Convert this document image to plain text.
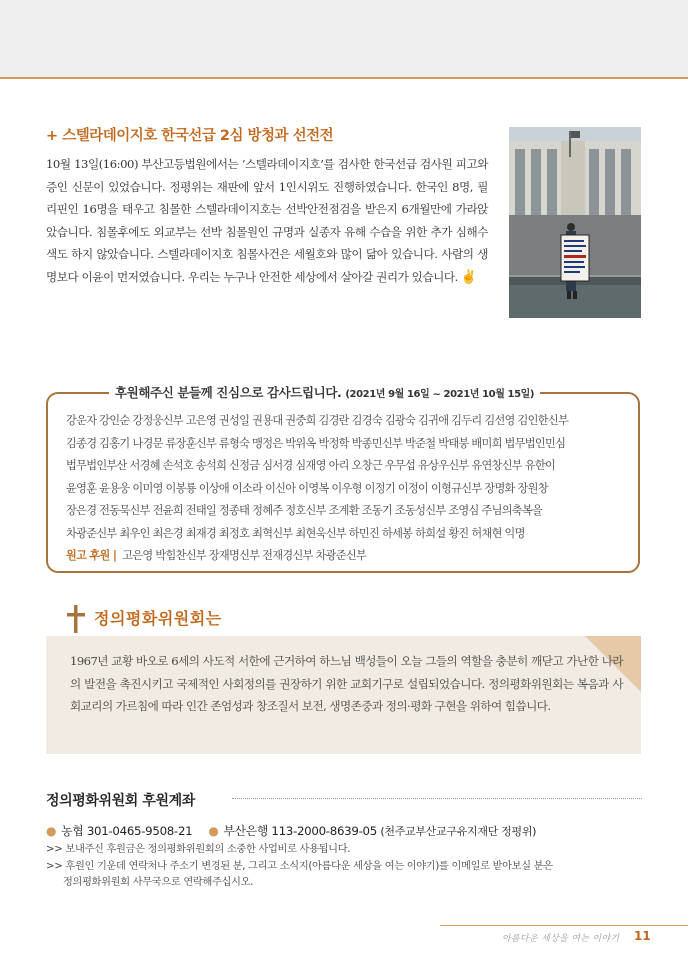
+ 스텔라데이지호 한국선급 2심 방청과 선전전

10월 13일(16:00) 부산고등법원에서는 ‘스텔라데이지호’를 검사한 한국선급 검사원 피고와 증인 신문이 있었습니다. 정평위는 재판에 앞서 1인시위도 진행하였습니다. 한국인 8명, 필리핀인 16명을 태우고 침몰한 스텔라데이지호는 선박안전점검을 받은지 6개월만에 가라앉았습니다. 침몰후에도 외교부는 선박 침몰원인 규명과 실종자 유해 수습을 위한 추가 심해수색도 하지 않았습니다. 스텔라데이지호 침몰사건은 세월호와 많이 닮아 있습니다. 사람의 생명보다 이윤이 먼저였습니다. 우리는 누구나 안전한 세상에서 살아갈 권리가 있습니다. ✌

후원해주신 분들께 진심으로 감사드립니다. (2021년 9월 16일 ~ 2021년 10월 15일)

강운자 강인순 강정웅신부 고은영 권성일 권용대 권중희 김경란 김경숙 김광숙 김귀애 김두리 김선영 김인한신부

김종경 김홍기 나경문 류장훈신부 류형숙 맹정은 박위옥 박정학 박종민신부 박준철 박태붕 배미희 법무법인민심

법무법인부산 서경혜 손석호 송석희 신정금 심서경 심재영 아리 오창근 우무섭 유상우신부 유연창신부 유한이

윤영훈 윤용웅 이미영 이봉룡 이상애 이소라 이신아 이영복 이우형 이정기 이정이 이형규신부 장명화 장원창

장은경 전동묵신부 전윤희 전태일 정종태 정혜주 정호신부 조계환 조동기 조동성신부 조영심 주님의축복을

차광준신부 최우인 최은경 최재경 최정호 최혁신부 최현욱신부 하민진 하세봉 하희설 황진 허채현 익명

원고 후원 | 고은영 박힘찬신부 장재명신부 전재경신부 차광준신부

정의평화위원회는

1967년 교황 바오로 6세의 사도적 서한에 근거하여 하느님 백성들이 오늘 그들의 역할을 충분히 깨닫고 가난한 나라의 발전을 촉진시키고 국제적인 사회정의를 권장하기 위한 교회기구로 설립되었습니다. 정의평화위원회는 복음과 사회교리의 가르침에 따라 인간 존엄성과 창조질서 보전, 생명존중과 정의·평화 구현을 위하여 힘씁니다.

정의평화위원회 후원계좌

● 농협 301-0465-9508-21 ● 부산은행 113-2000-8639-05 (천주교부산교구유지재단 정평위)

>> 보내주신 후원금은 정의평화위원회의 소중한 사업비로 사용됩니다.

>> 후원인 기운데 연락처나 주소기 변경된 분, 그리고 소식지(아름다운 세상을 여는 이야기)를 이메일로 받아보실 분은

정의평화위원회 사무국으로 연락해주십시오.

아름다운 세상을 여는 이야기 11
